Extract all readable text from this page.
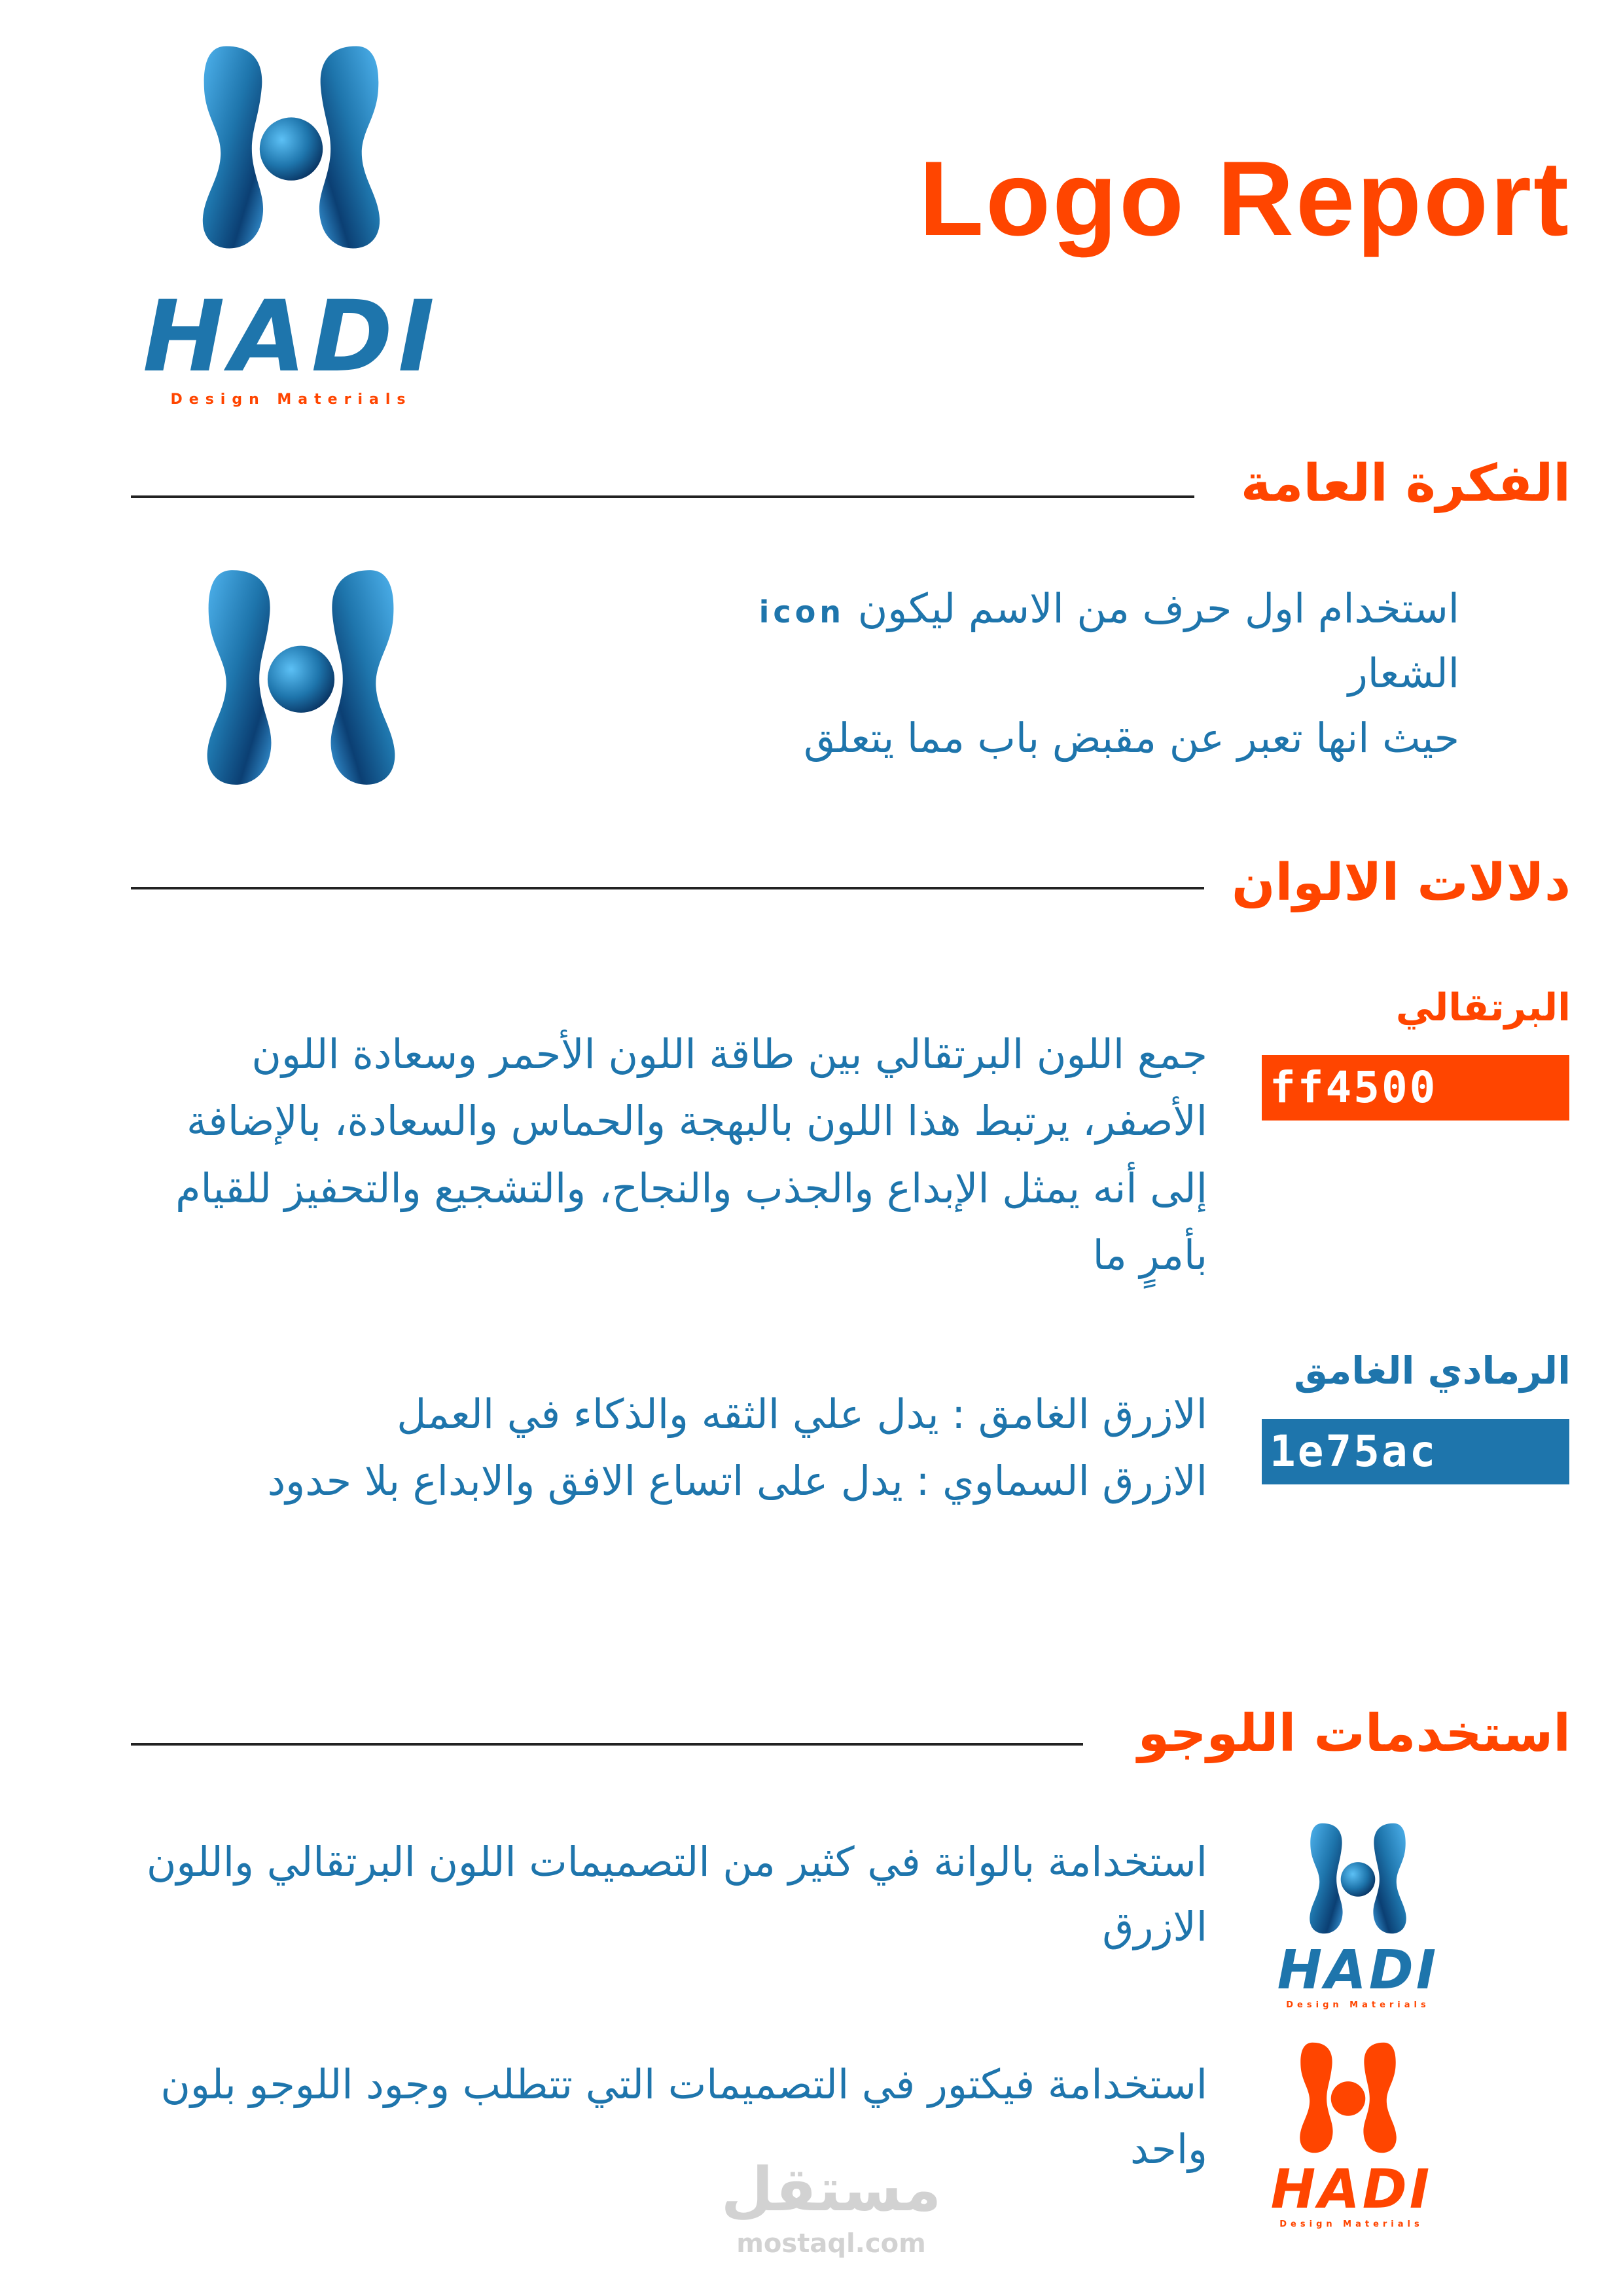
HADI
Design Materials
Logo Report
الفكرة العامة
استخدام اول حرف من الاسم ليكون icon
الشعار
حيث انها تعبر عن مقبض باب مما يتعلق
دلالات الالوان
البرتقالي
ff4500
جمع اللون البرتقالي بين طاقة اللون الأحمر وسعادة اللون الأصفر، يرتبط هذا اللون بالبهجة والحماس والسعادة، بالإضافة إلى أنه يمثل الإبداع والجذب والنجاح، والتشجيع والتحفيز للقيام بأمرٍ ما
الرمادي الغامق
1e75ac
الازرق الغامق : يدل علي الثقه والذكاء في العمل
الازرق السماوي : يدل على اتساع الافق والابداع بلا حدود
استخدمات اللوجو
استخدامة بالوانة في كثير من التصميمات اللون البرتقالي واللون الازرق
HADI
Design Materials
استخدامة فيكتور في التصميمات التي تتطلب وجود اللوجو بلون واحد
HADI
Design Materials
مستقل
mostaql.com
